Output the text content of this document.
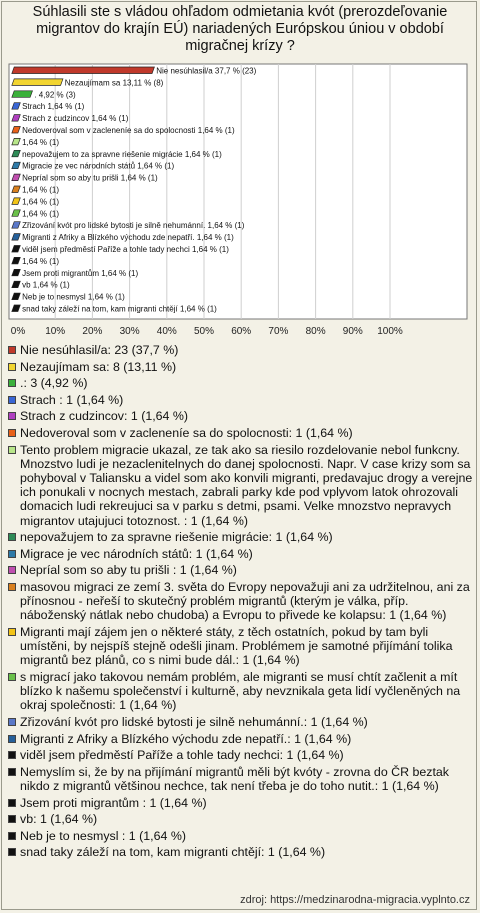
Súhlasili ste s vládou ohľadom odmietania kvót (prerozdeľovanie migrantov do krajín EÚ) nariadených Európskou úniou v období migračnej krízy ?
0% 10% 20% 30% 40% 50% 60% 70% 80% 90% 100%
Nie nesúhlasil/a 37,7 % (23)
Nezaujímam sa 13,11 % (8)
. 4,92 % (3)
Strach 1,64 % (1)
Strach z cudzincov 1,64 % (1)
Nedoveroval som v zacleneníe sa do spolocnosti 1,64 % (1)
1,64 % (1)
nepovažujem to za spravne riešenie migrácie 1,64 % (1)
Migracie ze vec národních států 1,64 % (1)
Nepríal som so aby tu prišli 1,64 % (1)
1,64 % (1)
1,64 % (1)
1,64 % (1)
Zřizování kvót pro lidské bytosti je silně nehumánní. 1,64 % (1)
Migranti z Afriky a Blízkého východu zde nepatří. 1,64 % (1)
viděl jsem předměstí Paříže a tohle tady nechci 1,64 % (1)
1,64 % (1)
Jsem proti migrantům 1,64 % (1)
vb 1,64 % (1)
Neb je to nesmysl 1,64 % (1)
snad taky záleží na tom, kam migranti chtějí 1,64 % (1)
Nie nesúhlasil/a: 23 (37,7 %)
Nezaujímam sa: 8 (13,11 %)
.: 3 (4,92 %)
Strach : 1 (1,64 %)
Strach z cudzincov: 1 (1,64 %)
Nedoveroval som v zacleneníe sa do spolocnosti: 1 (1,64 %)
Tento problem migracie ukazal, ze tak ako sa riesilo rozdelovanie nebol funkcny. Mnozstvo ludi je nezaclenitelnych do danej spolocnosti. Napr. V case krizy som sa pohyboval v Taliansku a videl som ako konvili migranti, predavajuc drogy a verejne ich ponukali v nocnych mestach, zabrali parky kde pod vplyvom latok ohrozovali domacich ludi rekreujuci sa v parku s detmi, psami. Velke mnozstvo nepravych migrantov utajujuci totoznost. : 1 (1,64 %)
nepovažujem to za spravne riešenie migrácie: 1 (1,64 %)
Migrace je vec národních států: 1 (1,64 %)
Nepríal som so aby tu prišli : 1 (1,64 %)
masovou migraci ze zemí 3. světa do Evropy nepovažuji ani za udržitelnou, ani za přínosnou - neřeší to skutečný problém migrantů (kterým je válka, příp. náboženský nátlak nebo chudoba) a Evropu to přivede ke kolapsu: 1 (1,64 %)
Migranti mají zájem jen o některé státy, z těch ostatních, pokud by tam byli umístěni, by nejspíš stejně odešli jinam. Problémem je samotné přijímání tolika migrantů bez plánů, co s nimi bude dál.: 1 (1,64 %)
s migrací jako takovou nemám problém, ale migranti se musí chtít začlenit a mít blízko k našemu společenství i kulturně, aby nevznikala geta lidí vyčleněných na okraj společnosti: 1 (1,64 %)
Zřizování kvót pro lidské bytosti je silně nehumánní.: 1 (1,64 %)
Migranti z Afriky a Blízkého východu zde nepatří.: 1 (1,64 %)
viděl jsem předměstí Paříže a tohle tady nechci: 1 (1,64 %)
Nemyslím si, že by na přijímání migrantů měli být kvóty - zrovna do ČR beztak nikdo z migrantů většinou nechce, tak není třeba je do toho nutit.: 1 (1,64 %)
Jsem proti migrantům : 1 (1,64 %)
vb: 1 (1,64 %)
Neb je to nesmysl : 1 (1,64 %)
snad taky záleží na tom, kam migranti chtějí: 1 (1,64 %)
zdroj: https://medzinarodna-migracia.vyplnto.cz
